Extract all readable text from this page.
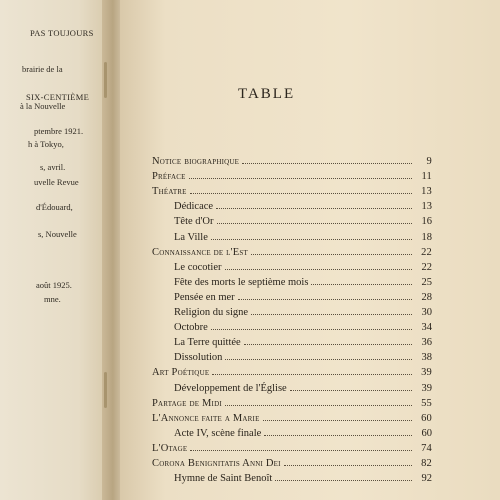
PAS TOUJOURS
brairie de la
SIX-CENTIÈME
à la Nouvelle
ptembre 1921.
h à Tokyo,
s, avril.
uvelle Revue
d'Édouard,
s, Nouvelle
août 1925.
mne.
TABLE
Notice biographique	9
Préface	11
Théatre	13
Dédicace	13
Tête d'Or	16
La Ville	18
Connaissance de l'Est	22
Le cocotier	22
Fête des morts le septième mois	25
Pensée en mer	28
Religion du signe	30
Octobre	34
La Terre quittée	36
Dissolution	38
Art Poétique	39
Développement de l'Église	39
Partage de Midi	55
L'Annonce faite a Marie	60
Acte IV, scène finale	60
L'Otage	74
Corona Benignitatis Anni Dei	82
Hymne de Saint Benoît	92
